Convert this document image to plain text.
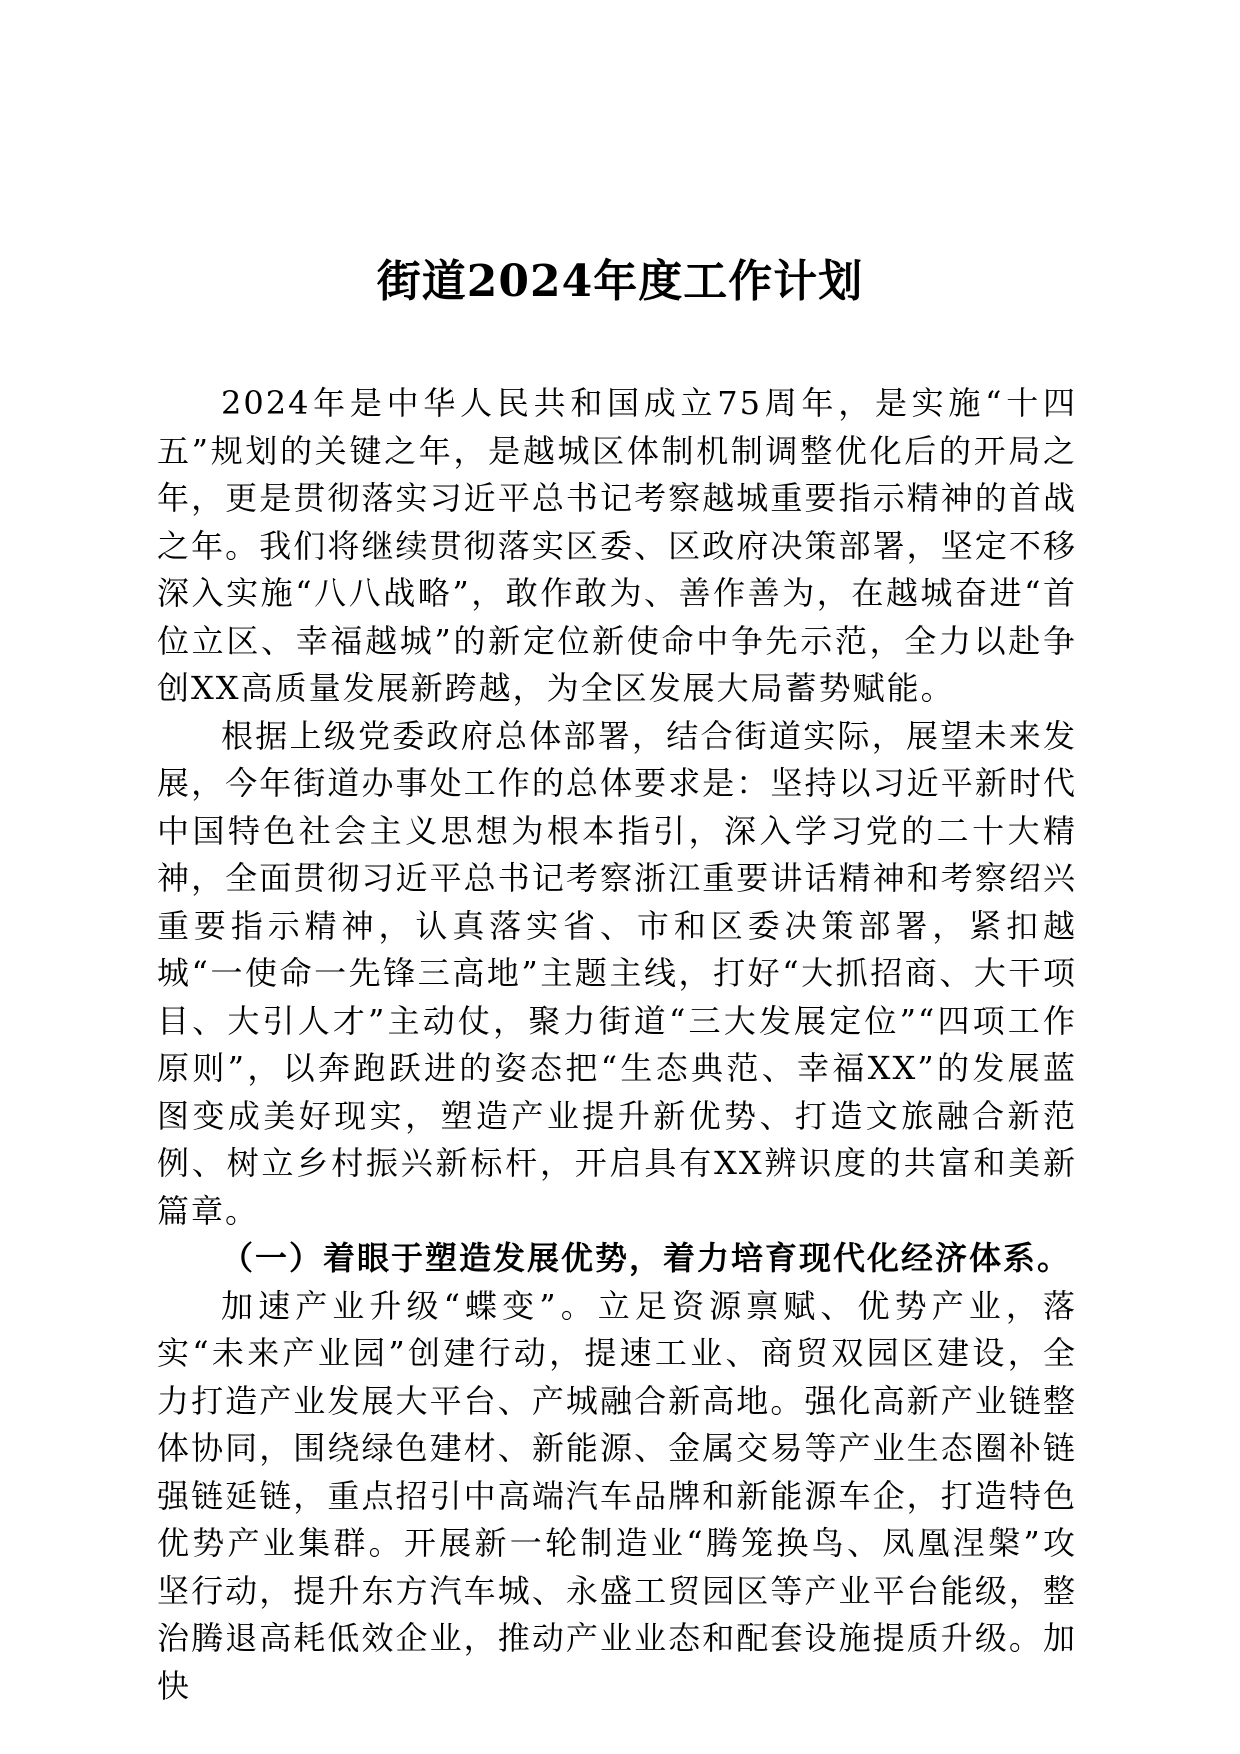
街道2024年度工作计划

2024年是中华人民共和国成立75周年，是实施“十四五”规划的关键之年，是越城区体制机制调整优化后的开局之年，更是贯彻落实习近平总书记考察越城重要指示精神的首战之年。我们将继续贯彻落实区委、区政府决策部署，坚定不移深入实施“八八战略”，敢作敢为、善作善为，在越城奋进“首位立区、幸福越城”的新定位新使命中争先示范，全力以赴争创XX高质量发展新跨越，为全区发展大局蓄势赋能。

根据上级党委政府总体部署，结合街道实际，展望未来发展，今年街道办事处工作的总体要求是：坚持以习近平新时代中国特色社会主义思想为根本指引，深入学习党的二十大精神，全面贯彻习近平总书记考察浙江重要讲话精神和考察绍兴重要指示精神，认真落实省、市和区委决策部署，紧扣越城“一使命一先锋三高地”主题主线，打好“大抓招商、大干项目、大引人才”主动仗，聚力街道“三大发展定位”“四项工作原则”，以奔跑跃进的姿态把“生态典范、幸福XX”的发展蓝图变成美好现实，塑造产业提升新优势、打造文旅融合新范例、树立乡村振兴新标杆，开启具有XX辨识度的共富和美新篇章。

（一）着眼于塑造发展优势，着力培育现代化经济体系。

加速产业升级“蝶变”。立足资源禀赋、优势产业，落实“未来产业园”创建行动，提速工业、商贸双园区建设，全力打造产业发展大平台、产城融合新高地。强化高新产业链整体协同，围绕绿色建材、新能源、金属交易等产业生态圈补链强链延链，重点招引中高端汽车品牌和新能源车企，打造特色优势产业集群。开展新一轮制造业“腾笼换鸟、凤凰涅槃”攻坚行动，提升东方汽车城、永盛工贸园区等产业平台能级，整治腾退高耗低效企业，推动产业业态和配套设施提质升级。加快
